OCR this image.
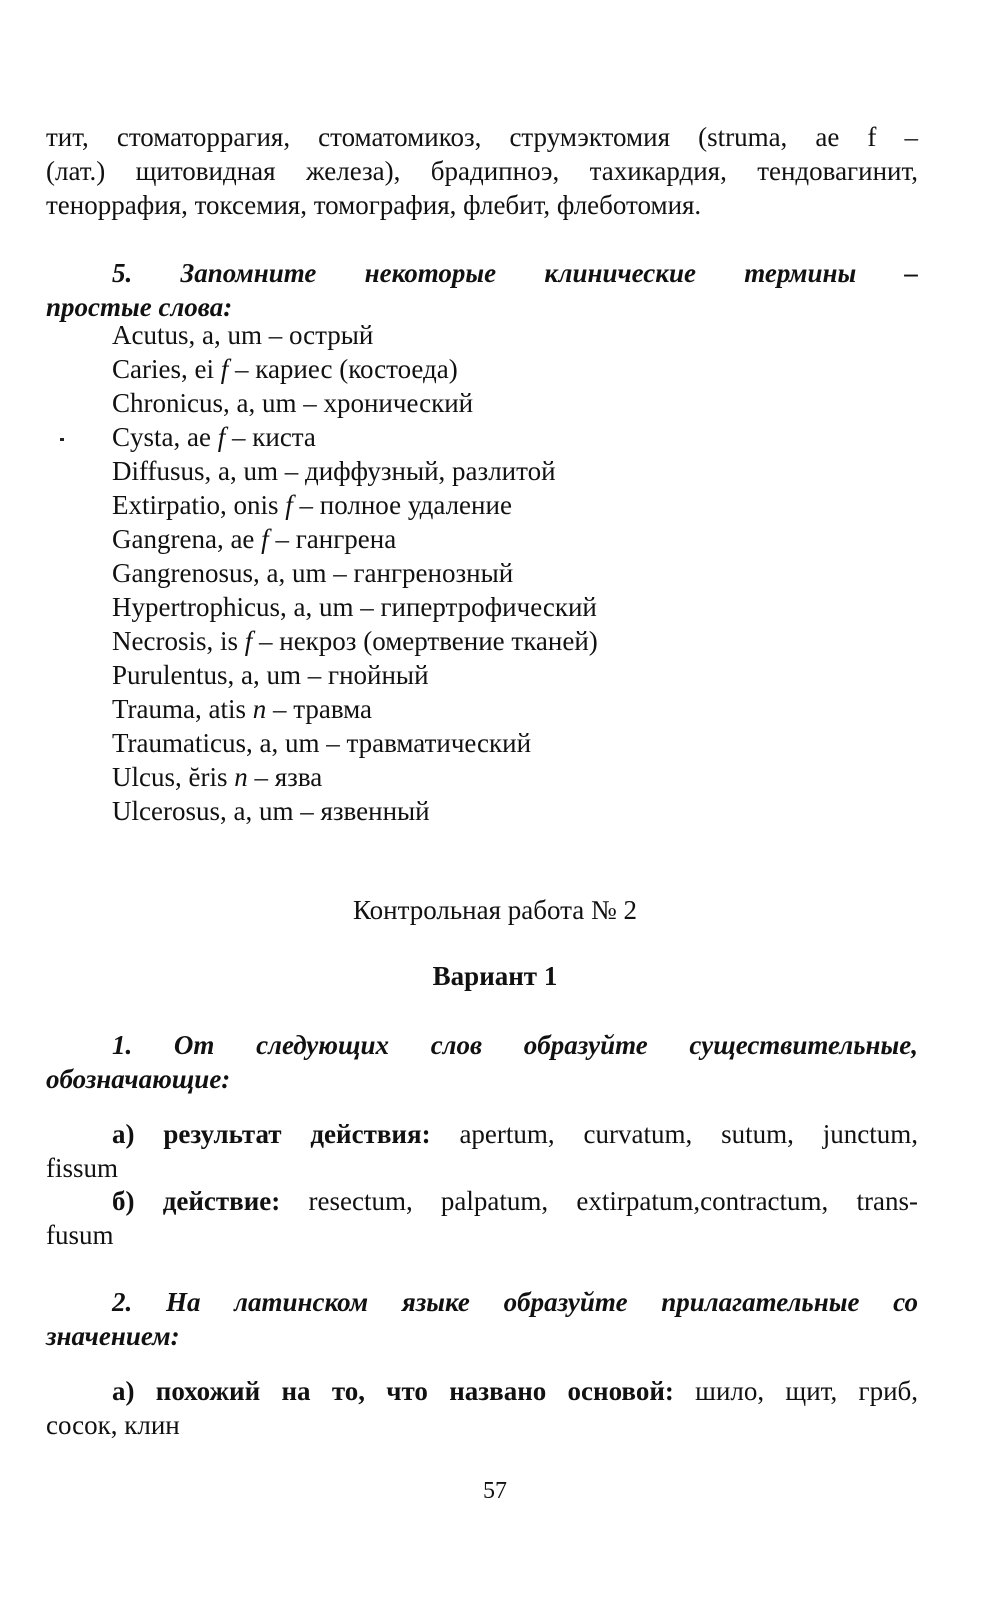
тит, стоматоррагия, стоматомикоз, струмэктомия (struma, ae f –
(лат.) щитовидная железа), брадипноэ, тахикардия, тендовагинит,
теноррафия, токсемия, томография, флебит, флеботомия.
5. Запомните некоторые клинические термины –
простые слова:
Acutus, a, um – острый
Caries, ei f – кариес (костоеда)
Chronicus, a, um – хронический
Cysta, ae f – киста
Diffusus, a, um – диффузный, разлитой
Extirpatio, onis f – полное удаление
Gangrena, ae f – гангрена
Gangrenosus, a, um – гангренозный
Hypertrophicus, a, um – гипертрофический
Necrosis, is f – некроз (омертвение тканей)
Purulentus, a, um – гнойный
Trauma, atis n – травма
Traumaticus, a, um – травматический
Ulcus, ĕris n – язва
Ulcerosus, a, um – язвенный
Контрольная работа № 2
Вариант 1
1. От следующих слов образуйте существительные,
обозначающие:
а) результат действия: apertum, curvatum, sutum, junctum,
fissum
б) действие: resectum, palpatum, extirpatum,contractum, trans-
fusum
2. На латинском языке образуйте прилагательные со
значением:
а) похожий на то, что названо основой: шило, щит, гриб,
сосок, клин
57
